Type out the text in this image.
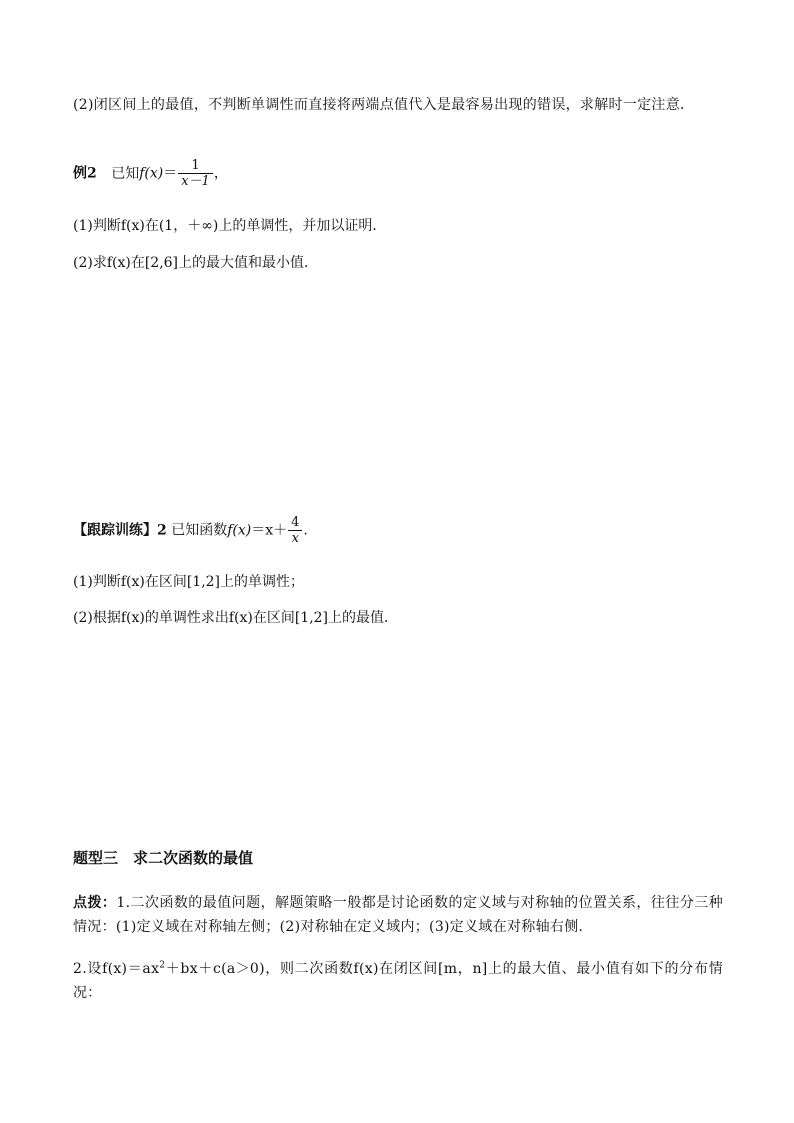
(2)闭区间上的最值，不判断单调性而直接将两端点值代入是最容易出现的错误，求解时一定注意．
例2 已知$f(x)= \frac{1}{x-1}$ ，
(1)判断f(x)在(1，＋∞)上的单调性，并加以证明．
(2)求f(x)在[2,6]上的最大值和最小值．
【跟踪训练】2 已知函数$f(x)=x+ \frac{4}{x}$ .
(1)判断f(x)在区间[1,2]上的单调性；
(2)根据f(x)的单调性求出f(x)在区间[1,2]上的最值．
题型三　求二次函数的最值
点拨：1.二次函数的最值问题，解题策略一般都是讨论函数的定义域与对称轴的位置关系，往往分三种情况：(1)定义域在对称轴左侧；(2)对称轴在定义域内；(3)定义域在对称轴右侧．
2.设$f(x)=ax^2+bx+c(a>0)$，则二次函数f(x)在闭区间[m，n]上的最大值、最小值有如下的分布情况：
